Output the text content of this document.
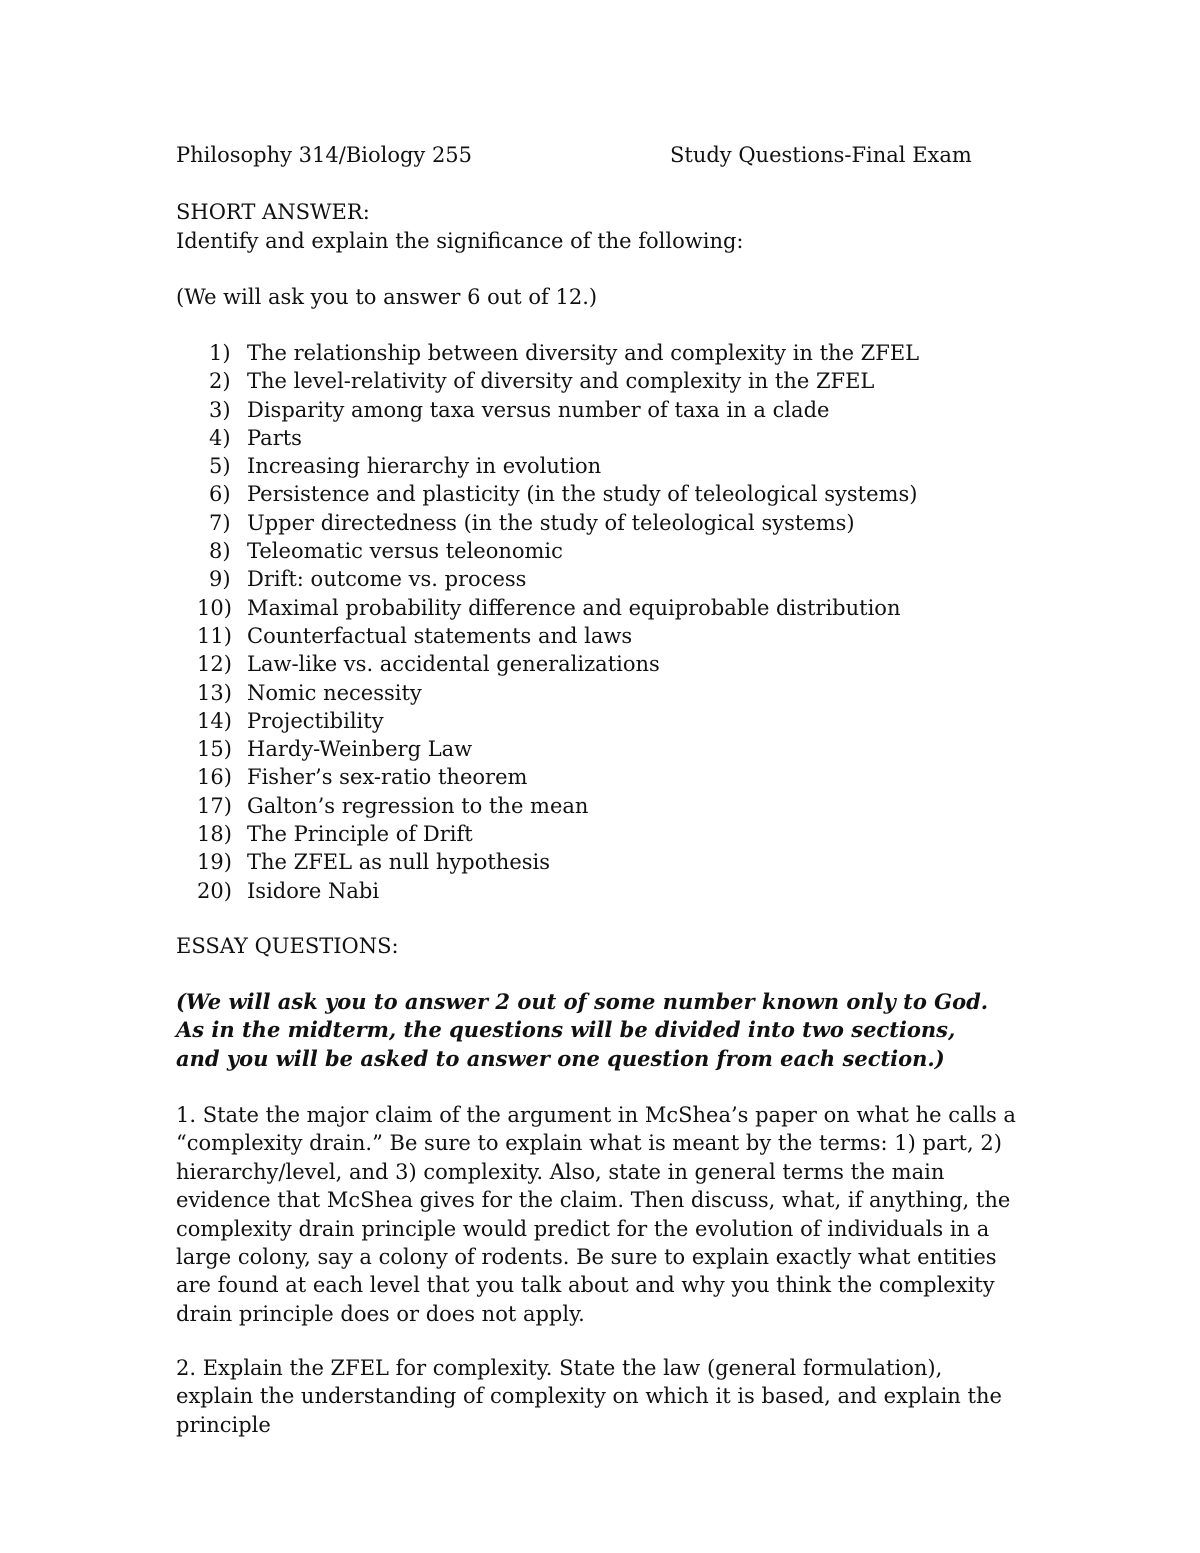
Philosophy 314/Biology 255	Study Questions-Final Exam
SHORT ANSWER:
Identify and explain the significance of the following:
(We will ask you to answer 6 out of 12.)
1) The relationship between diversity and complexity in the ZFEL
2) The level-relativity of diversity and complexity in the ZFEL
3) Disparity among taxa versus number of taxa in a clade
4) Parts
5) Increasing hierarchy in evolution
6) Persistence and plasticity (in the study of teleological systems)
7) Upper directedness (in the study of teleological systems)
8) Teleomatic versus teleonomic
9) Drift: outcome vs. process
10) Maximal probability difference and equiprobable distribution
11) Counterfactual statements and laws
12) Law-like vs. accidental generalizations
13) Nomic necessity
14) Projectibility
15) Hardy-Weinberg Law
16) Fisher’s sex-ratio theorem
17) Galton’s regression to the mean
18) The Principle of Drift
19) The ZFEL as null hypothesis
20) Isidore Nabi
ESSAY QUESTIONS:
(We will ask you to answer 2 out of some number known only to God. As in the midterm, the questions will be divided into two sections, and you will be asked to answer one question from each section.)
1. State the major claim of the argument in McShea’s paper on what he calls a “complexity drain.” Be sure to explain what is meant by the terms: 1) part, 2) hierarchy/level, and 3) complexity. Also, state in general terms the main evidence that McShea gives for the claim. Then discuss, what, if anything, the complexity drain principle would predict for the evolution of individuals in a large colony, say a colony of rodents. Be sure to explain exactly what entities are found at each level that you talk about and why you think the complexity drain principle does or does not apply.
2. Explain the ZFEL for complexity. State the law (general formulation), explain the understanding of complexity on which it is based, and explain the principle
